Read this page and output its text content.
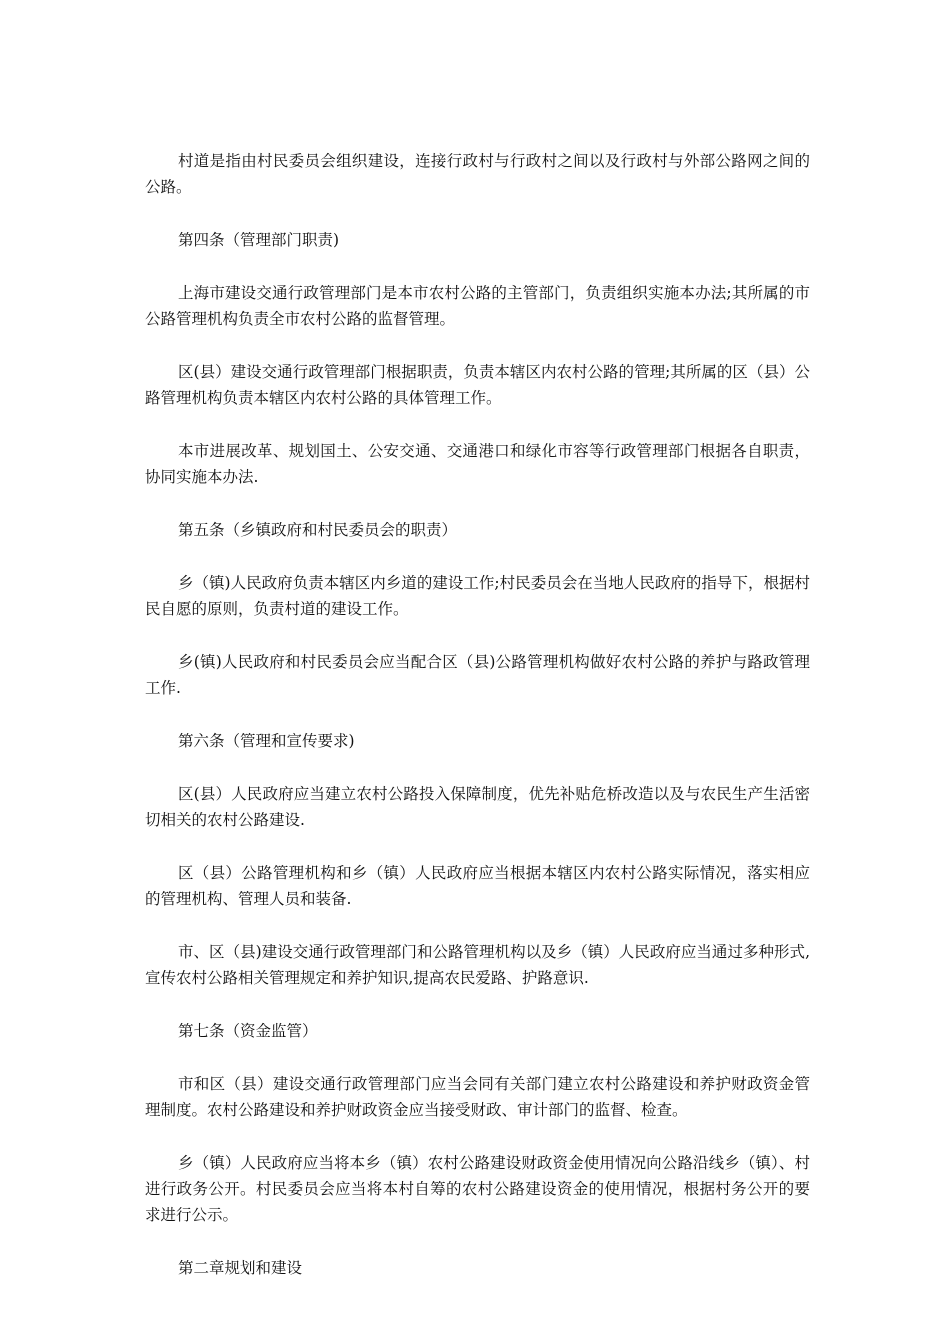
村道是指由村民委员会组织建设，连接行政村与行政村之间以及行政村与外部公路网之间的公路。

第四条（管理部门职责)

上海市建设交通行政管理部门是本市农村公路的主管部门，负责组织实施本办法;其所属的市公路管理机构负责全市农村公路的监督管理。

区(县）建设交通行政管理部门根据职责，负责本辖区内农村公路的管理;其所属的区（县）公路管理机构负责本辖区内农村公路的具体管理工作。

本市进展改革、规划国土、公安交通、交通港口和绿化市容等行政管理部门根据各自职责，协同实施本办法.

第五条（乡镇政府和村民委员会的职责）

乡（镇)人民政府负责本辖区内乡道的建设工作;村民委员会在当地人民政府的指导下，根据村民自愿的原则，负责村道的建设工作。

乡(镇)人民政府和村民委员会应当配合区（县)公路管理机构做好农村公路的养护与路政管理工作.

第六条（管理和宣传要求)

区(县）人民政府应当建立农村公路投入保障制度，优先补贴危桥改造以及与农民生产生活密切相关的农村公路建设.

区（县）公路管理机构和乡（镇）人民政府应当根据本辖区内农村公路实际情况，落实相应的管理机构、管理人员和装备.

市、区（县)建设交通行政管理部门和公路管理机构以及乡（镇）人民政府应当通过多种形式,宣传农村公路相关管理规定和养护知识,提高农民爱路、护路意识.

第七条（资金监管）

市和区（县）建设交通行政管理部门应当会同有关部门建立农村公路建设和养护财政资金管理制度。农村公路建设和养护财政资金应当接受财政、审计部门的监督、检查。

乡（镇）人民政府应当将本乡（镇）农村公路建设财政资金使用情况向公路沿线乡（镇）、村进行政务公开。村民委员会应当将本村自筹的农村公路建设资金的使用情况，根据村务公开的要求进行公示。

第二章规划和建设
